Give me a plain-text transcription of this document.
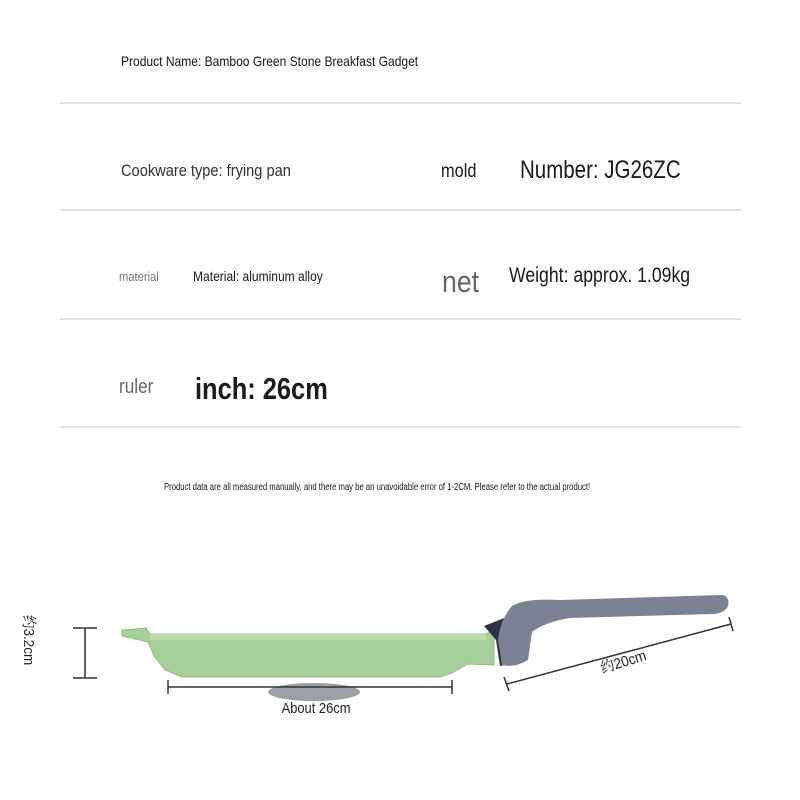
Product Name: Bamboo Green Stone Breakfast Gadget
Cookware type: frying pan	mold Number: JG26ZC
material Material: aluminum alloy	net Weight: approx. 1.09kg
ruler inch: 26cm
Product data are all measured manually, and there may be an unavoidable error of 1-2CM. Please refer to the actual product!
约3.2cm
About 26cm
约20cm
